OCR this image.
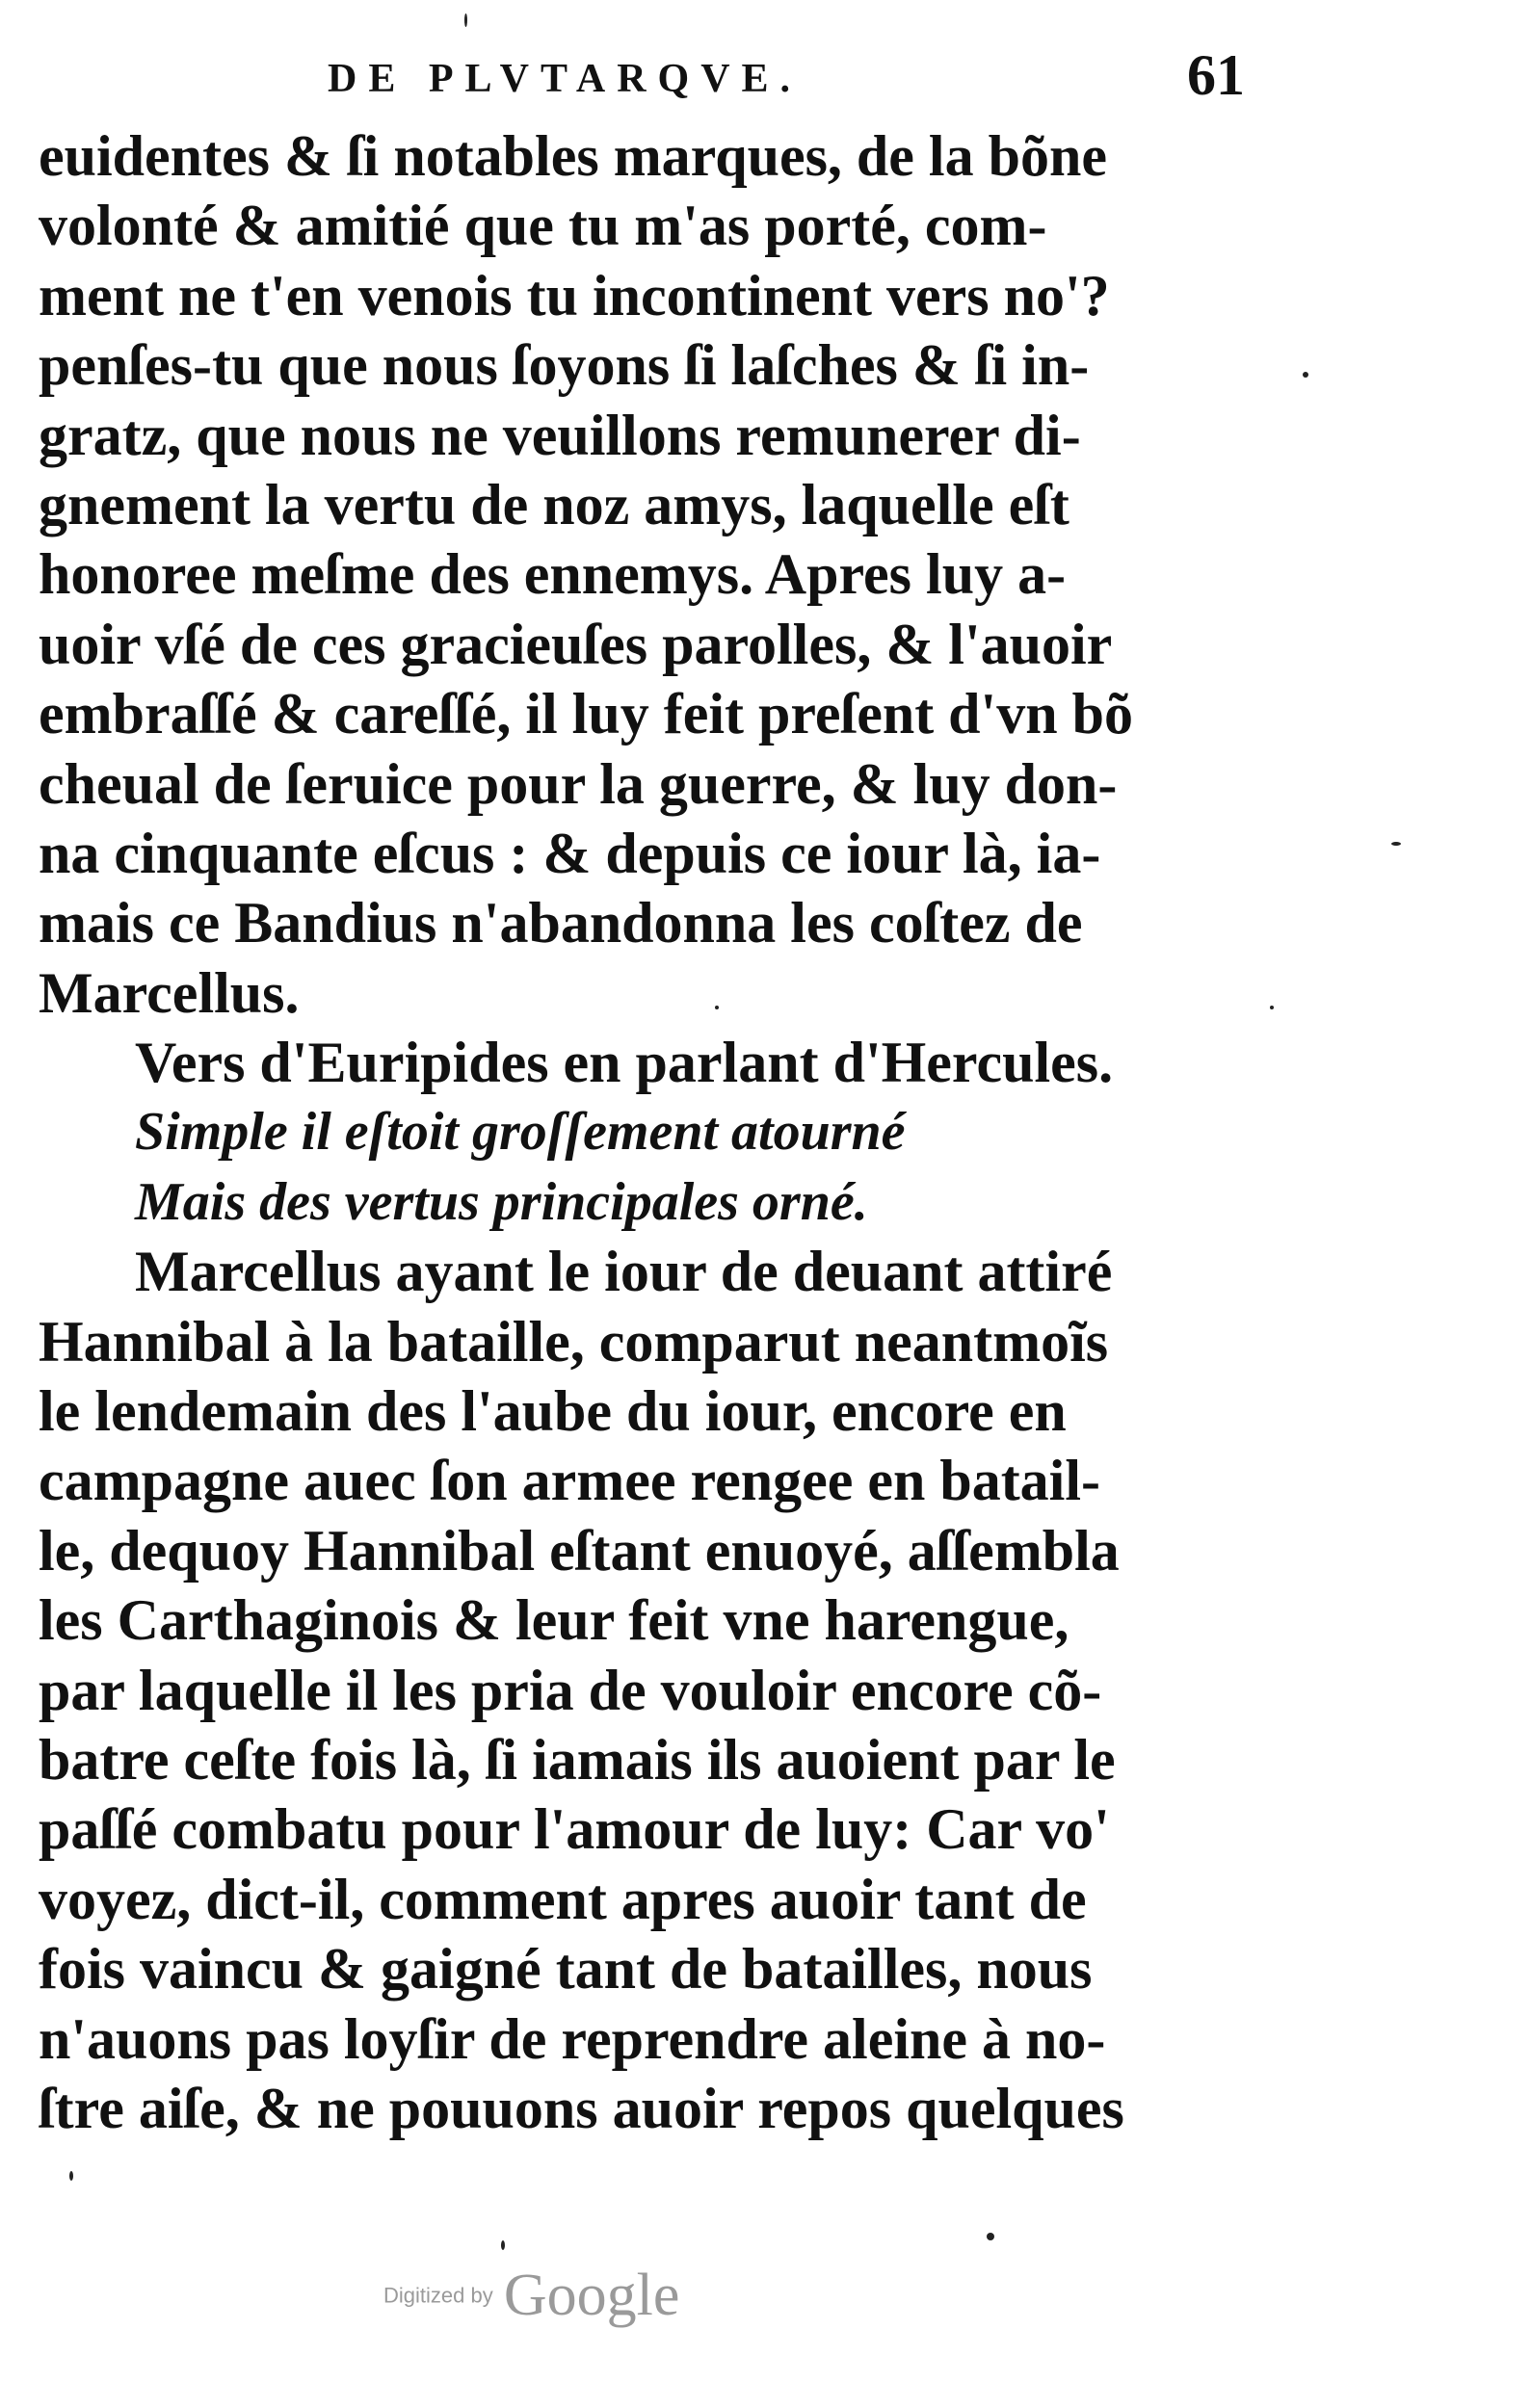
DE PLVTARQVE.	61
euidentes & ſi notables marques, de la bõne
volonté & amitié que tu m'as porté, com-
ment ne t'en venois tu incontinent vers no'?
penſes-tu que nous ſoyons ſi laſches & ſi in-
gratz, que nous ne veuillons remunerer di-
gnement la vertu de noz amys, laquelle eſt
honoree meſme des ennemys. Apres luy a-
uoir vſé de ces gracieuſes parolles, & l'auoir
embraſſé & careſſé, il luy feit preſent d'vn bõ
cheual de ſeruice pour la guerre, & luy don-
na cinquante eſcus : & depuis ce iour là, ia-
mais ce Bandius n'abandonna les coſtez de
Marcellus.
Vers d'Euripides en parlant d'Hercules.
Simple il eſtoit groſſement atourné
Mais des vertus principales orné.
Marcellus ayant le iour de deuant attiré
Hannibal à la bataille, comparut neantmoĩs
le lendemain des l'aube du iour, encore en
campagne auec ſon armee rengee en batail-
le, dequoy Hannibal eſtant enuoyé, aſſembla
les Carthaginois & leur feit vne harengue,
par laquelle il les pria de vouloir encore cõ-
batre ceſte fois là, ſi iamais ils auoient par le
paſſé combatu pour l'amour de luy: Car vo'
voyez, dict-il, comment apres auoir tant de
fois vaincu & gaigné tant de batailles, nous
n'auons pas loyſir de reprendre aleine à no-
ſtre aiſe, & ne pouuons auoir repos quelques
Digitized by Google
